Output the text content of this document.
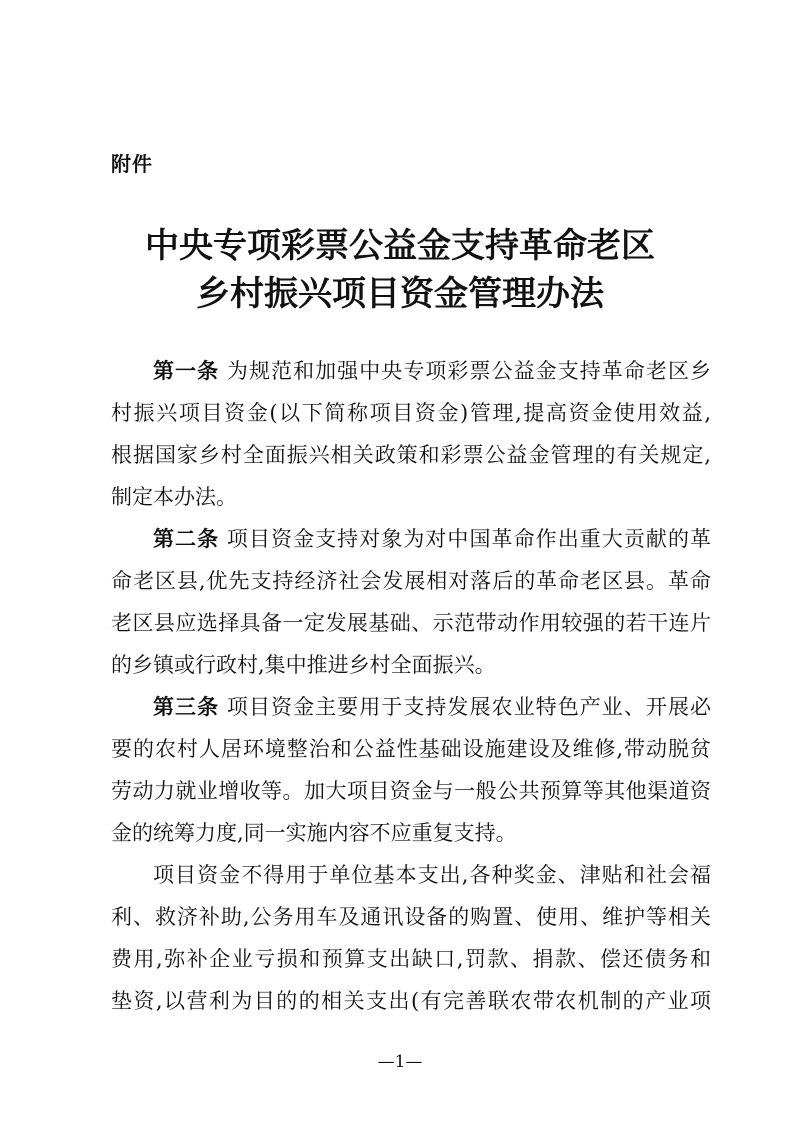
附件
中央专项彩票公益金支持革命老区
乡村振兴项目资金管理办法
第一条 为规范和加强中央专项彩票公益金支持革命老区乡
村振兴项目资金(以下简称项目资金)管理,提高资金使用效益,
根据国家乡村全面振兴相关政策和彩票公益金管理的有关规定,
制定本办法。
第二条 项目资金支持对象为对中国革命作出重大贡献的革
命老区县,优先支持经济社会发展相对落后的革命老区县。革命
老区县应选择具备一定发展基础、示范带动作用较强的若干连片
的乡镇或行政村,集中推进乡村全面振兴。
第三条 项目资金主要用于支持发展农业特色产业、开展必
要的农村人居环境整治和公益性基础设施建设及维修,带动脱贫
劳动力就业增收等。加大项目资金与一般公共预算等其他渠道资
金的统筹力度,同一实施内容不应重复支持。
项目资金不得用于单位基本支出,各种奖金、津贴和社会福
利、救济补助,公务用车及通讯设备的购置、使用、维护等相关
费用,弥补企业亏损和预算支出缺口,罚款、捐款、偿还债务和
垫资,以营利为目的的相关支出(有完善联农带农机制的产业项
—1—
